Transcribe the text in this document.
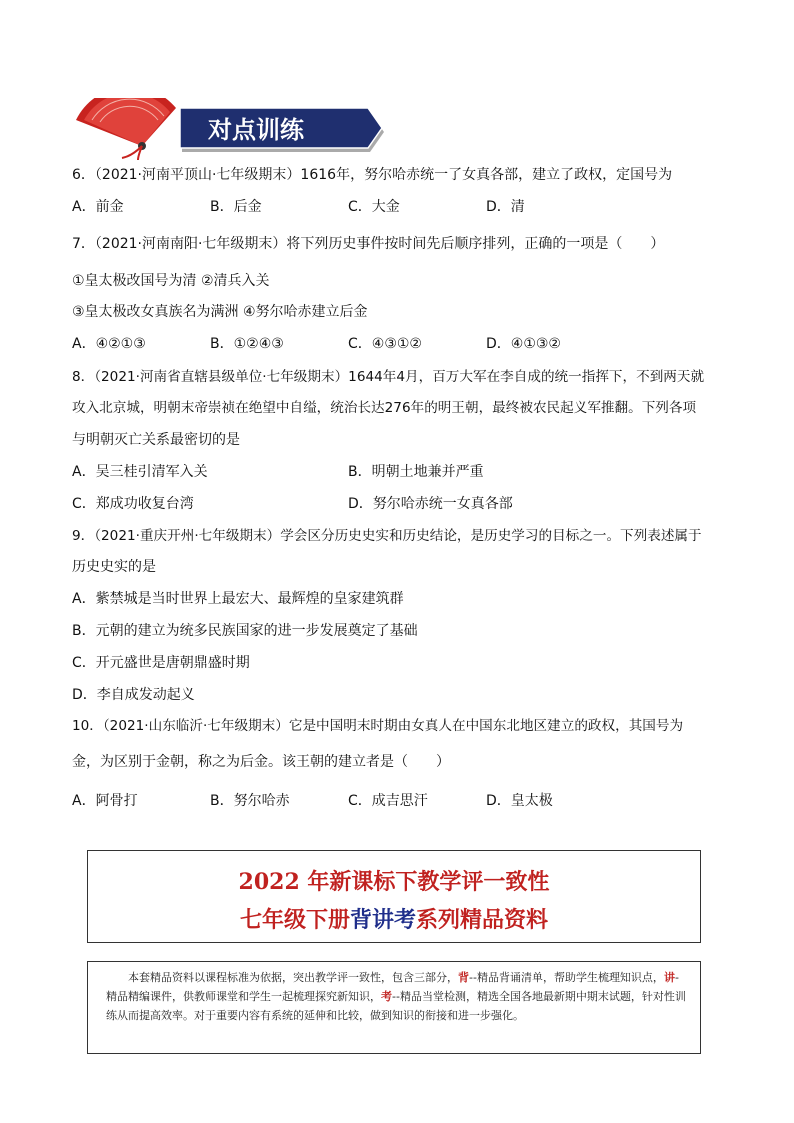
对点训练
6．（2021·河南平顶山·七年级期末）1616年，努尔哈赤统一了女真各部，建立了政权，定国号为
A．前金	B．后金	C．大金	D．清
7．（2021·河南南阳·七年级期末）将下列历史事件按时间先后顺序排列，正确的一项是（　　）
①皇太极改国号为清 ②清兵入关
③皇太极改女真族名为满洲 ④努尔哈赤建立后金
A．④②①③	B．①②④③	C．④③①②	D．④①③②
8．（2021·河南省直辖县级单位·七年级期末）1644年4月，百万大军在李自成的统一指挥下，不到两天就
攻入北京城，明朝末帝崇祯在绝望中自缢，统治长达276年的明王朝，最终被农民起义军推翻。下列各项
与明朝灭亡关系最密切的是
A．吴三桂引清军入关	B．明朝土地兼并严重
C．郑成功收复台湾	D．努尔哈赤统一女真各部
9．（2021·重庆开州·七年级期末）学会区分历史史实和历史结论，是历史学习的目标之一。下列表述属于
历史史实的是
A．紫禁城是当时世界上最宏大、最辉煌的皇家建筑群
B．元朝的建立为统多民族国家的进一步发展奠定了基础
C．开元盛世是唐朝鼎盛时期
D．李自成发动起义
10．（2021·山东临沂·七年级期末）它是中国明末时期由女真人在中国东北地区建立的政权，其国号为
金，为区别于金朝，称之为后金。该王朝的建立者是（　　）
A．阿骨打	B．努尔哈赤	C．成吉思汗	D．皇太极
2022 年新课标下教学评一致性
七年级下册背讲考系列精品资料
本套精品资料以课程标准为依据，突出教学评一致性，包含三部分，背--精品背诵清单，帮助学生梳理知识点，讲-精品精编课件，供教师课堂和学生一起梳理探究新知识，考--精品当堂检测，精选全国各地最新期中期末试题，针对性训练从而提高效率。对于重要内容有系统的延伸和比较，做到知识的衔接和进一步强化。
